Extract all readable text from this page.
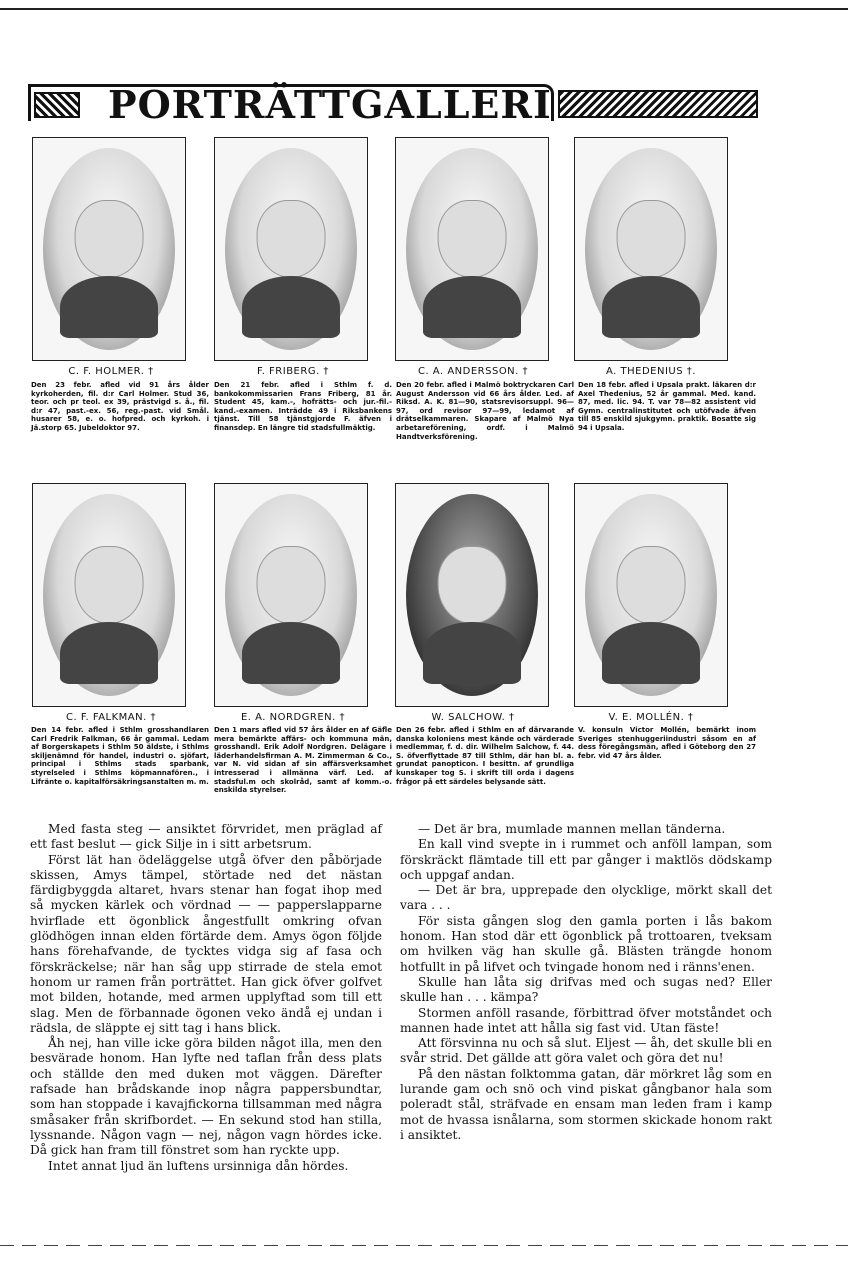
PORTRÄTTGALLERI
C. F. HOLMER. †	F. FRIBERG. †	C. A. ANDERSSON. †	A. THEDENIUS †.
Den 23 febr. afled vid 91 års ålder kyrkoherden, fil. d:r Carl Holmer. Stud 36, teor. och pr teol. ex 39, prästvigd s. å., fil. d:r 47, past.-ex. 56, reg.-past. vid Smål. husarer 58, e. o. hofpred. och kyrkoh. i Jä.storp 65. Jubeldoktor 97.
Den 21 febr. afled i Sthlm f. d. bankokommissarien Frans Friberg, 81 år. Student 45, kam.-, hofrätts- och jur.-fil.-kand.-examen. Inträdde 49 i Riksbankens tjänst. Till 58 tjänstgjorde F. äfven i finansdep. En längre tid stadsfullmäktig.
Den 20 febr. afled i Malmö boktryckaren Carl August Andersson vid 66 års ålder. Led. af Riksd. A. K. 81—90, statsrevisorsuppl. 96—97, ord revisor 97—99, ledamot af drätselkammaren. Skapare af Malmö Nya arbetareförening, ordf. i Malmö Handtverksförening.
Den 18 febr. afled i Upsala prakt. läkaren d:r Axel Thedenius, 52 år gammal. Med. kand. 87, med. lic. 94. T. var 78—82 assistent vid Gymn. centralinstitutet och utöfvade äfven till 85 enskild sjukgymn. praktik. Bosatte sig 94 i Upsala.
C. F. FALKMAN. †	E. A. NORDGREN. †	W. SALCHOW. †	V. E. MOLLÉN. †
Den 14 febr. afled i Sthlm grosshandlaren Carl Fredrik Falkman, 66 år gammal. Ledam af Borgerskapets i Sthlm 50 äldste, i Sthlms skiljenämnd för handel, industri o. sjöfart, principal i Sthlms stads sparbank, styrelseled i Sthlms köpmannafören., i Lifränte o. kapitalförsäkringsanstalten m. m.
Den 1 mars afled vid 57 års ålder en af Gäfle mera bemärkte affärs- och kommuna män, grosshandl. Erik Adolf Nordgren. Delägare i läderhandelsfirman A. M. Zimmerman & Co., var N. vid sidan af sin affärsverksamhet intresserad i allmänna värf. Led. af stadsful.m och skolråd, samt af komm.-o. enskilda styrelser.
Den 26 febr. afled i Sthlm en af därvarande danska koloniens mest kände och värderade medlemmar, f. d. dir. Wilhelm Salchow, f. 44. S. öfverflyttade 87 till Sthlm, där han bl. a. grundat panopticon. I besittn. af grundliga kunskaper tog S. i skrift till orda i dagens frågor på ett särdeles belysande sätt.
V. konsuln Victor Mollén, bemärkt inom Sveriges stenhuggeriindustri såsom en af dess föregångsmän, afled i Göteborg den 27 febr. vid 47 års ålder.

Med fasta steg — ansiktet förvridet, men präglad af ett fast beslut — gick Silje in i sitt arbetsrum.

Först lät han ödeläggelse utgå öfver den påbörjade skissen, Amys tämpel, störtade ned det nästan färdigbyggda altaret, hvars stenar han fogat ihop med så mycken kärlek och vördnad — — papperslapparne hvirflade ett ögonblick ångestfullt omkring ofvan glödhögen innan elden förtärde dem. Amys ögon följde hans förehafvande, de tycktes vidga sig af fasa och förskräckelse; när han såg upp stirrade de stela emot honom ur ramen från porträttet. Han gick öfver golfvet mot bilden, hotande, med armen upplyftad som till ett slag. Men de förbannade ögonen veko ändå ej undan i rädsla, de släppte ej sitt tag i hans blick.

Åh nej, han ville icke göra bilden något illa, men den besvärade honom. Han lyfte ned taflan från dess plats och ställde den med duken mot väggen. Därefter rafsade han brådskande inop några pappersbundtar, som han stoppade i kavajfickorna tillsamman med några småsaker från skrifbordet. — En sekund stod han stilla, lyssnande. Någon vagn — nej, någon vagn hördes icke. Då gick han fram till fönstret som han ryckte upp.

Intet annat ljud än luftens ursinniga dån hördes.

— Det är bra, mumlade mannen mellan tänderna.

En kall vind svepte in i rummet och anföll lampan, som förskräckt flämtade till ett par gånger i maktlös dödskamp och uppgaf andan.

— Det är bra, upprepade den olycklige, mörkt skall det vara . . .

För sista gången slog den gamla porten i lås bakom honom. Han stod där ett ögonblick på trottoaren, tveksam om hvilken väg han skulle gå. Blästen trängde honom hotfullt in på lifvet och tvingade honom ned i ränns'enen.

Skulle han låta sig drifvas med och sugas ned? Eller skulle han . . . kämpa?

Stormen anföll rasande, förbittrad öfver motståndet och mannen hade intet att hålla sig fast vid. Utan fäste!

Att försvinna nu och så slut. Eljest — åh, det skulle bli en svår strid. Det gällde att göra valet och göra det nu!

På den nästan folktomma gatan, där mörkret låg som en lurande gam och snö och vind piskat gångbanor hala som poleradt stål, sträfvade en ensam man leden fram i kamp mot de hvassa isnålarna, som stormen skickade honom rakt i ansiktet.
